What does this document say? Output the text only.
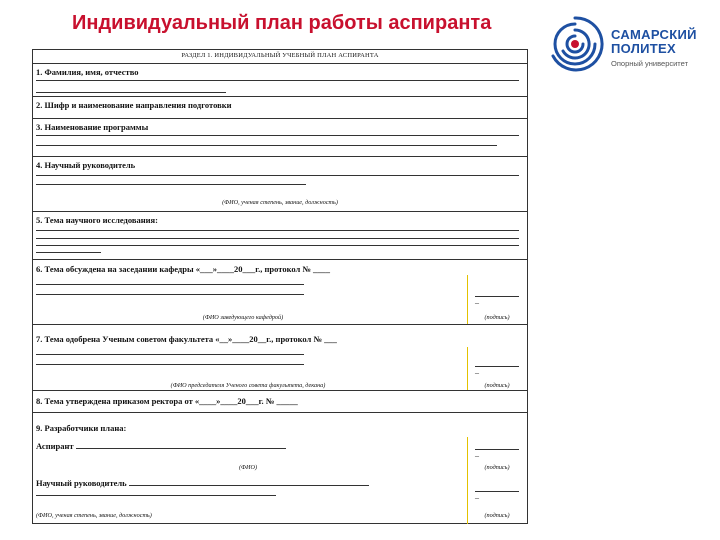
Индивидуальный план работы аспиранта
САМАРСКИЙ
ПОЛИТЕХ
Опорный университет
РАЗДЕЛ 1. ИНДИВИДУАЛЬНЫЙ УЧЕБНЫЙ ПЛАН АСПИРАНТА
1. Фамилия, имя, отчество
2. Шифр и наименование направления подготовки
3. Наименование программы
4. Научный руководитель
(ФИО, ученая степень, звание, должность)
5. Тема научного исследования:
6. Тема обсуждена на заседании кафедры «___»____20___г., протокол № ____
–
(ФИО заведующего кафедрой)	(подпись)
7. Тема одобрена Ученым советом факультета «__»____20__г., протокол № ___
–
(ФИО председателя Ученого совета факультета, декана)	(подпись)
8. Тема утверждена приказом ректора от «____»____20___г. № _____
9. Разработчики плана:
Аспирант
–
(ФИО)	(подпись)
Научный руководитель
–
(ФИО, ученая степень, звание, должность)	(подпись)
